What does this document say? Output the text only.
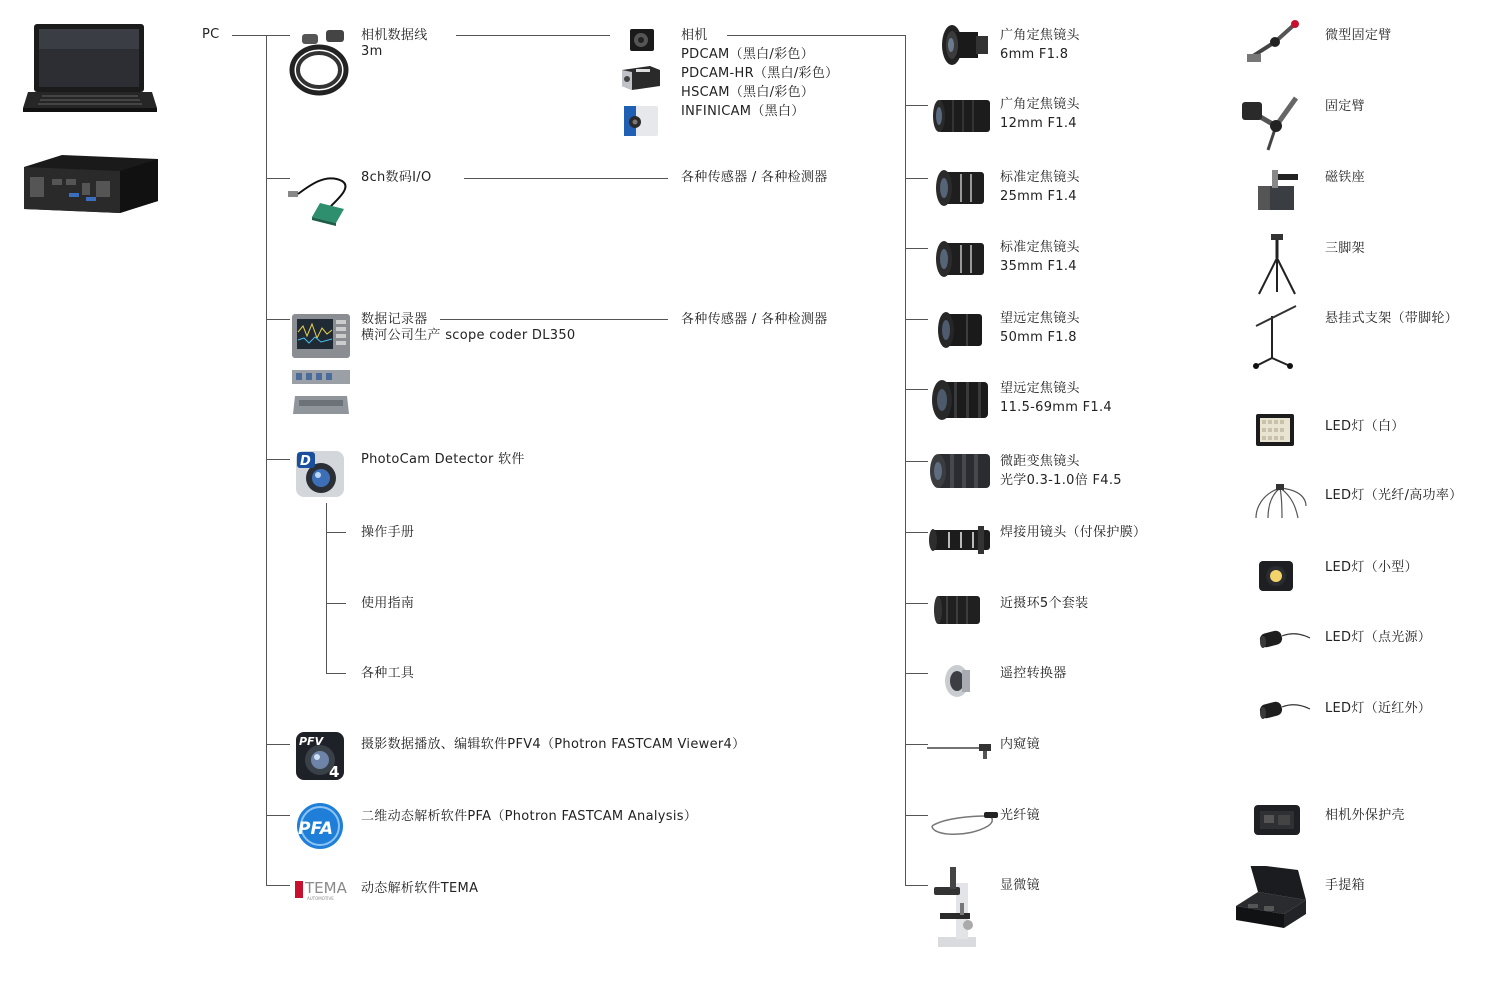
PC	相机数据线
3m
8ch数码I/O	各种传感器 / 各种检测器
数据记录器
横河公司生产 scope coder DL350
各种传感器 / 各种检测器
D	PhotoCam Detector 软件
操作手册
使用指南
各种工具
PFV
4
摄影数据播放、编辑软件PFV4（Photron FASTCAM Viewer4）
PFA
二维动态解析软件PFA（Photron FASTCAM Analysis）
TEMA
AUTOMOTIVE
动态解析软件TEMA
相机
PDCAM（黑白/彩色）
PDCAM-HR（黑白/彩色）
HSCAM（黑白/彩色）
INFINICAM（黑白）
广角定焦镜头
6mm F1.8
广角定焦镜头
12mm F1.4
标准定焦镜头
25mm F1.4
标准定焦镜头
35mm F1.4
望远定焦镜头
50mm F1.8
望远定焦镜头
11.5-69mm F1.4
微距变焦镜头
光学0.3-1.0倍 F4.5
焊接用镜头（付保护膜）
近摄环5个套装
遥控转换器
内窥镜
光纤镜
显微镜
微型固定臂
固定臂
磁铁座
三脚架
悬挂式支架（带脚轮）
LED灯（白）
LED灯（光纤/高功率）
LED灯（小型）
LED灯（点光源）
LED灯（近红外）
相机外保护壳
手提箱
